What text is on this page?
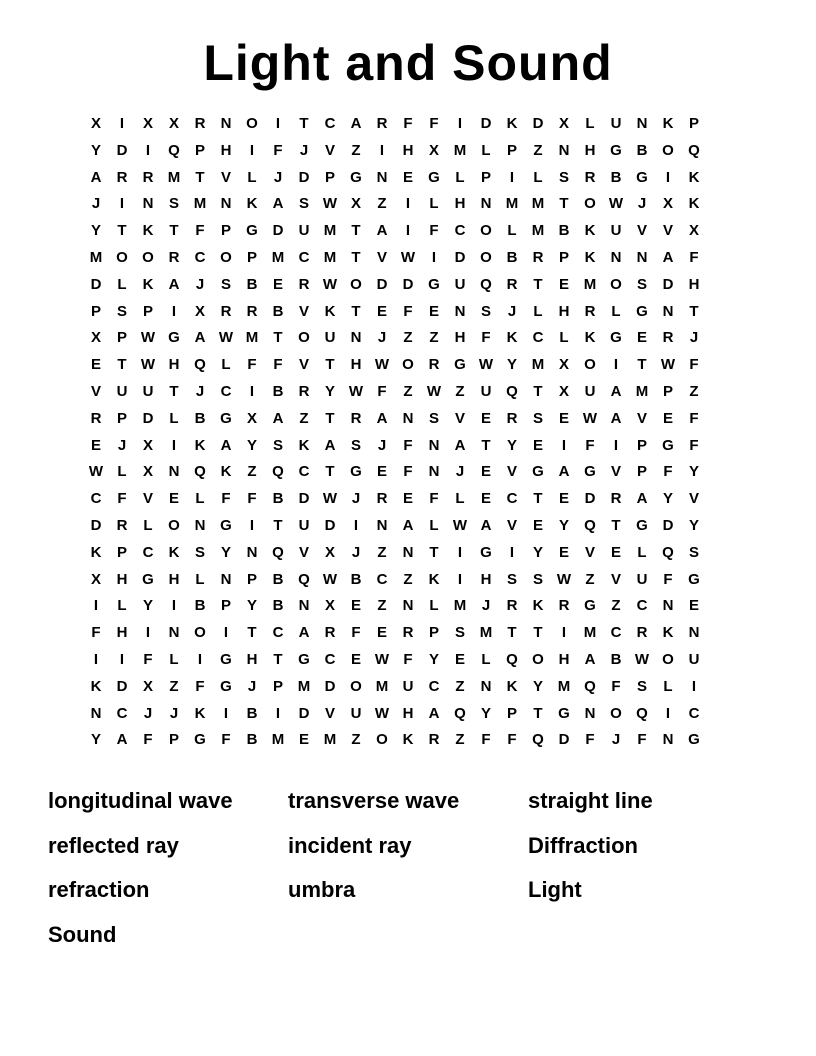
Light and Sound
X	I	X	X	R	N O	I	T	C	A	R	F	F	I	D	K	D	X	L	U	N	K	P
Y	D	I	Q	P	H	I	F	J	V	Z	I	H	X M	L	P	Z	N	H G B O Q
A	R	R M	T	V	L	J	D	P	G N	E	G	L	P	I	L	S	R	B G	I	K
J	I	N	S M N	K	A	S W X	Z	I	L	H	N M M	T	O W J	X	K
Y	T	K	T	F	P	G D	U M	T	A	I	F	C O	L	M B	K	U	V	V	X
M O O R	C O	P M C M	T	V W	I	D O B	R	P	K	N	N	A	F
D	L	K	A	J	S	B	E	R W O D	D G U Q R	T	E M O	S	D	H
P	S	P	I	X	R	R	B	V	K	T	E	F	E	N	S	J	L	H	R	L	G N	T
X	P W G A W M	T	O U	N	J	Z	Z	H	F	K	C	L	K G	E	R	J
E	T W H Q	L	F	F	V	T	H W O R G W Y M X	O	I	T W F
V	U	U	T	J	C	I	B	R	Y W F	Z W Z	U Q	T	X	U	A M P	Z
R	P	D	L	B G	X	A	Z	T	R	A	N	S	V	E	R	S	E W A	V	E	F
E	J	X	I	K	A	Y	S	K	A	S	J	F	N	A	T	Y	E	I	F	I	P	G	F
W L	X	N Q K	Z	Q C	T	G	E	F	N	J	E	V	G A G	V	P	F	Y
C	F	V	E	L	F	F	B	D W J	R	E	F	L	E	C	T	E	D	R	A	Y	V
D	R	L	O N G	I	T	U	D	I	N	A	L W A	V	E	Y	Q	T	G D	Y
K	P	C	K	S	Y	N Q	V	X	J	Z	N	T	I	G	I	Y	E	V	E	L	Q	S
X	H G H	L	N	P	B Q W B	C	Z	K	I	H	S	S W Z	V	U	F	G
I	L	Y	I	B	P	Y	B	N	X	E	Z	N	L	M	J	R	K	R G	Z	C	N	E
F	H	I	N O	I	T	C	A	R	F	E	R	P	S M	T	T	I	M C	R	K	N
I	I	F	L	I	G H	T	G C	E W F	Y	E	L	Q O H	A	B W O U
K	D	X	Z	F	G	J	P M D O M U	C	Z	N	K	Y M Q	F	S	L	I
N	C	J	J	K	I	B	I	D	V	U W H	A Q	Y	P	T	G N O Q	I	C
Y	A	F	P	G	F	B M E M	Z	O K	R	Z	F	F	Q D	F	J	F	N G
longitudinal wave	transverse wave	straight line
reflected ray	incident ray	Diffraction
refraction	umbra	Light
Sound
